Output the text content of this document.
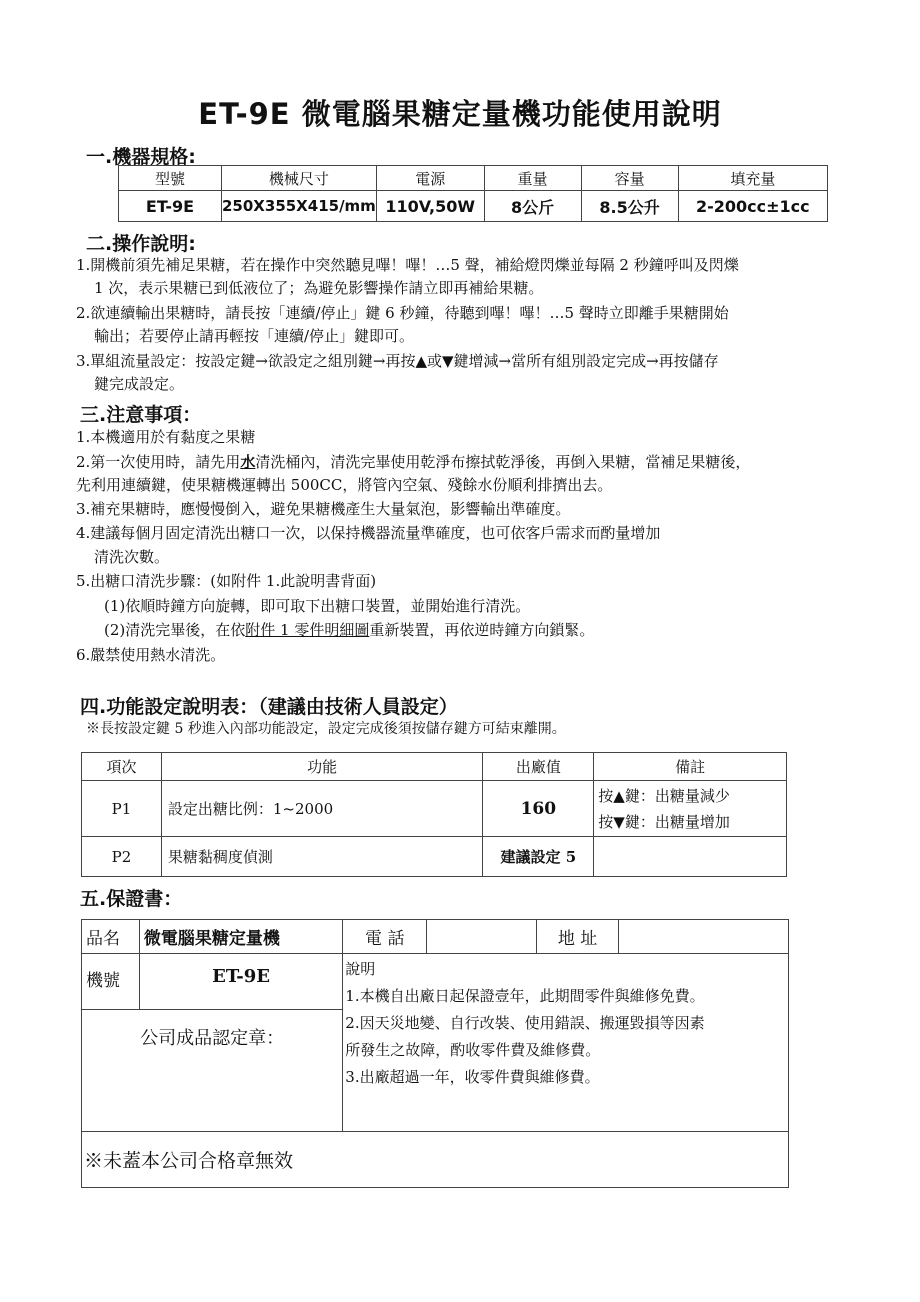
ET-9E 微電腦果糖定量機功能使用說明
一.機器規格:
型號	機械尺寸	電源	重量	容量	填充量
ET-9E	250X355X415/mm	110V,50W	8公斤	8.5公升	2-200cc±1cc
二.操作說明:
1.開機前須先補足果糖，若在操作中突然聽見嗶！嗶！…5 聲，補給燈閃爍並每隔 2 秒鐘呼叫及閃爍
1 次，表示果糖已到低液位了；為避免影響操作請立即再補給果糖。
2.欲連續輸出果糖時，請長按「連續/停止」鍵 6 秒鐘，待聽到嗶！嗶！…5 聲時立即離手果糖開始
輸出；若要停止請再輕按「連續/停止」鍵即可。
3.單組流量設定：按設定鍵→欲設定之組別鍵→再按▲或▼鍵增減→當所有組別設定完成→再按儲存
鍵完成設定。
三.注意事項：
1.本機適用於有黏度之果糖
2.第一次使用時，請先用水清洗桶內，清洗完畢使用乾淨布擦拭乾淨後，再倒入果糖，當補足果糖後，
先利用連續鍵，使果糖機運轉出 500CC，將管內空氣、殘餘水份順利排擠出去。
3.補充果糖時，應慢慢倒入，避免果糖機產生大量氣泡，影響輸出準確度。
4.建議每個月固定清洗出糖口一次，以保持機器流量準確度，也可依客戶需求而酌量增加
清洗次數。
5.出糖口清洗步驟：(如附件 1.此說明書背面)
(1)依順時鐘方向旋轉，即可取下出糖口裝置，並開始進行清洗。
(2)清洗完畢後，在依附件 1 零件明細圖重新裝置，再依逆時鐘方向鎖緊。
6.嚴禁使用熱水清洗。
四.功能設定說明表：（建議由技術人員設定）
※長按設定鍵 5 秒進入內部功能設定，設定完成後須按儲存鍵方可結束離開。
項次	功能	出廠值	備註
P1	設定出糖比例：1~2000	160	按▲鍵：出糖量減少
按▼鍵：出糖量增加

P2	果糖黏稠度偵測	建議設定 5	
五.保證書：
品名	微電腦果糖定量機	電 話		地 址	
機號	ET-9E	說明
1.本機自出廠日起保證壹年，此期間零件與維修免費。
2.因天災地變、自行改裝、使用錯誤、搬運毀損等因素
所發生之故障，酌收零件費及維修費。
3.出廠超過一年，收零件費與維修費。			

公司成品認定章：					
※未蓋本公司合格章無效					
